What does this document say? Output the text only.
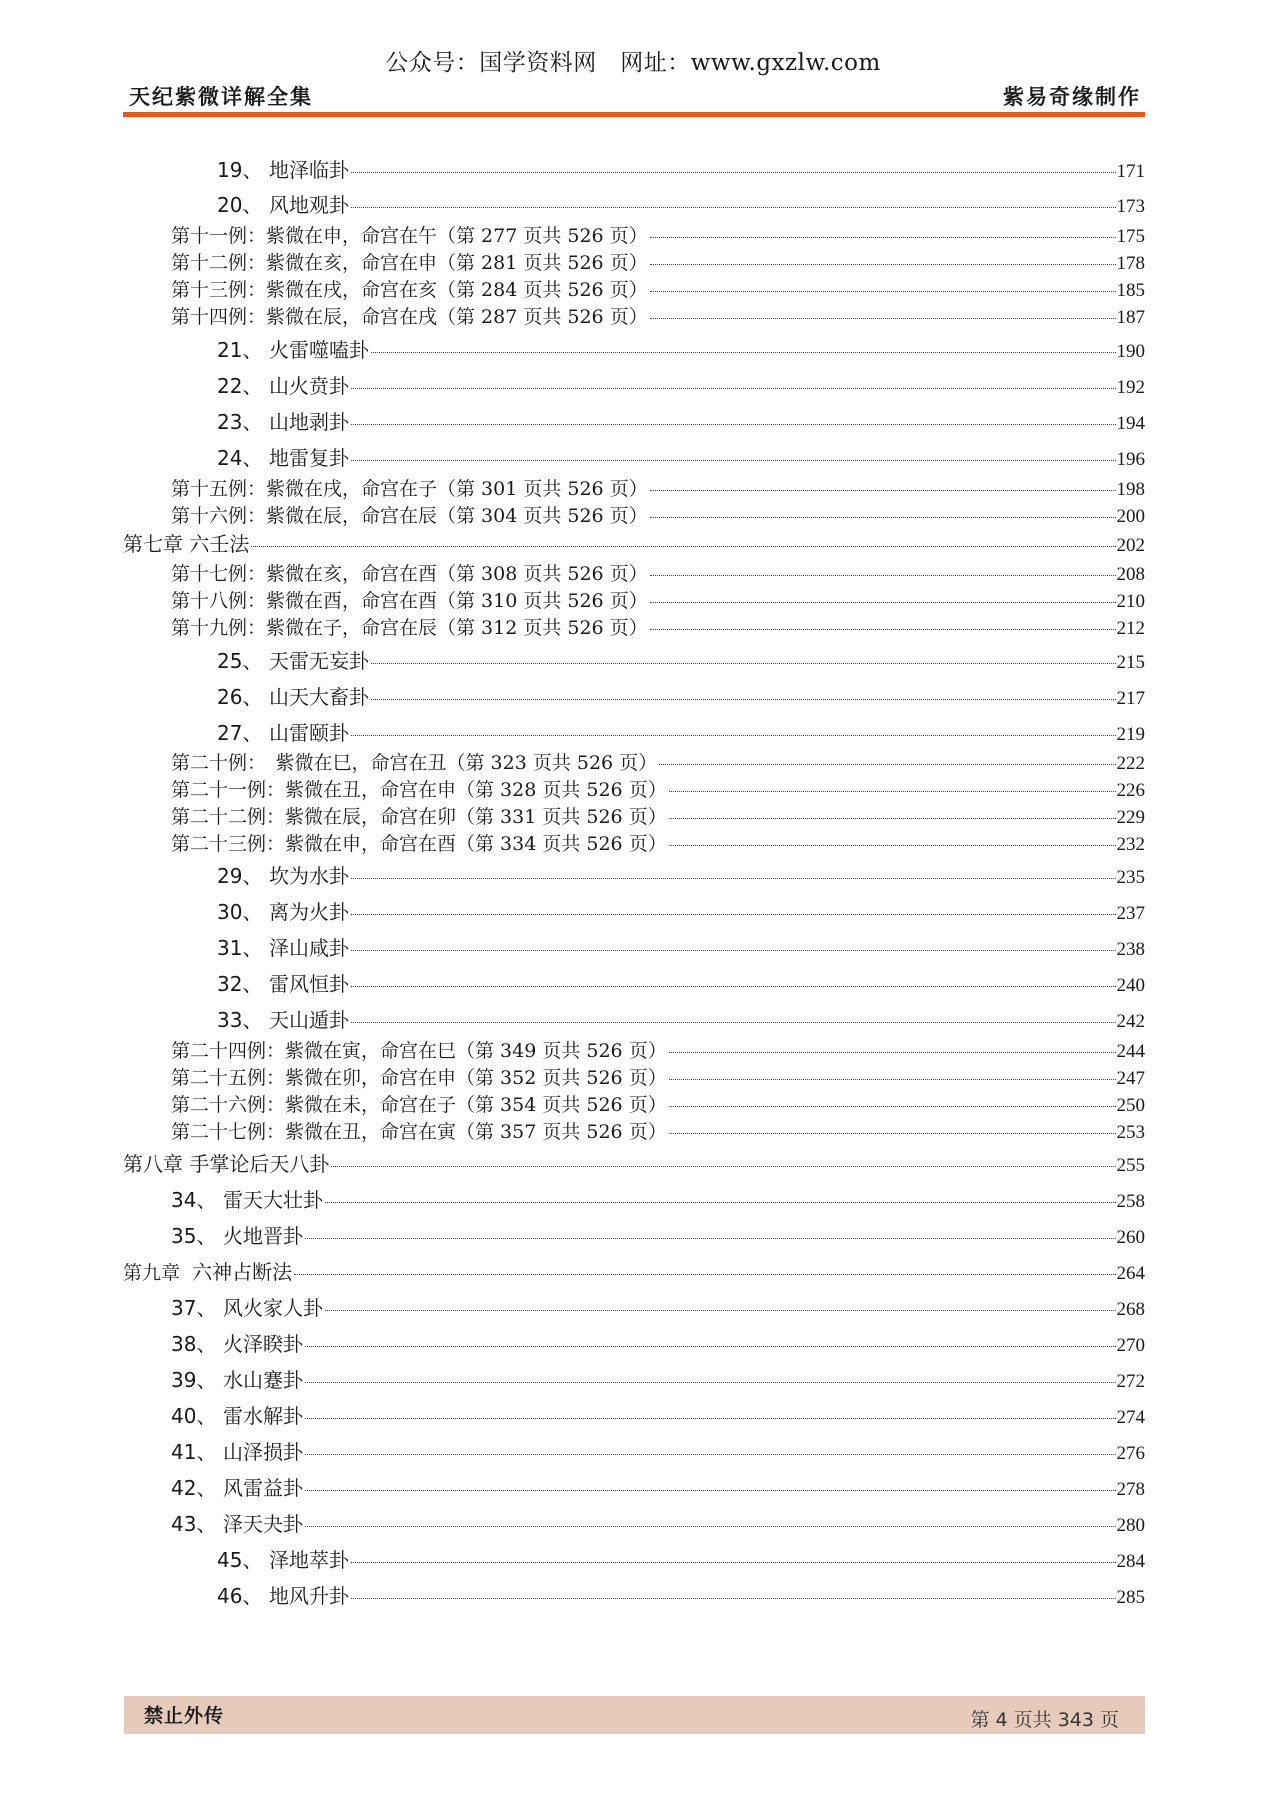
公众号：国学资料网　网址：www.gxzlw.com
天纪紫微详解全集	紫易奇缘制作
19、 地泽临卦	171
20、 风地观卦	173
第十一例：紫微在申，命宫在午（第 277 页共 526 页）	175
第十二例：紫微在亥，命宫在申（第 281 页共 526 页）	178
第十三例：紫微在戌，命宫在亥（第 284 页共 526 页）	185
第十四例：紫微在辰，命宫在戌（第 287 页共 526 页）	187
21、 火雷噬嗑卦	190
22、 山火贲卦	192
23、 山地剥卦	194
24、 地雷复卦	196
第十五例：紫微在戌，命宫在子（第 301 页共 526 页）	198
第十六例：紫微在辰，命宫在辰（第 304 页共 526 页）	200
第七章 六壬法	202
第十七例：紫微在亥，命宫在酉（第 308 页共 526 页）	208
第十八例：紫微在酉，命宫在酉（第 310 页共 526 页）	210
第十九例：紫微在子，命宫在辰（第 312 页共 526 页）	212
25、 天雷无妄卦	215
26、 山天大畜卦	217
27、 山雷颐卦	219
第二十例：　紫微在巳，命宫在丑（第 323 页共 526 页）	222
第二十一例：紫微在丑，命宫在申（第 328 页共 526 页）	226
第二十二例：紫微在辰，命宫在卯（第 331 页共 526 页）	229
第二十三例：紫微在申，命宫在酉（第 334 页共 526 页）	232
29、 坎为水卦	235
30、 离为火卦	237
31、 泽山咸卦	238
32、 雷风恒卦	240
33、 天山遁卦	242
第二十四例：紫微在寅，命宫在巳（第 349 页共 526 页）	244
第二十五例：紫微在卯，命宫在申（第 352 页共 526 页）	247
第二十六例：紫微在未，命宫在子（第 354 页共 526 页）	250
第二十七例：紫微在丑，命宫在寅（第 357 页共 526 页）	253
第八章 手掌论后天八卦	255
34、 雷天大壮卦	258
35、 火地晋卦	260
第九章 六神占断法	264
37、 风火家人卦	268
38、 火泽睽卦	270
39、 水山蹇卦	272
40、 雷水解卦	274
41、 山泽损卦	276
42、 风雷益卦	278
43、 泽天夬卦	280
45、 泽地萃卦	284
46、 地风升卦	285
禁止外传	第 4 页共 343 页
